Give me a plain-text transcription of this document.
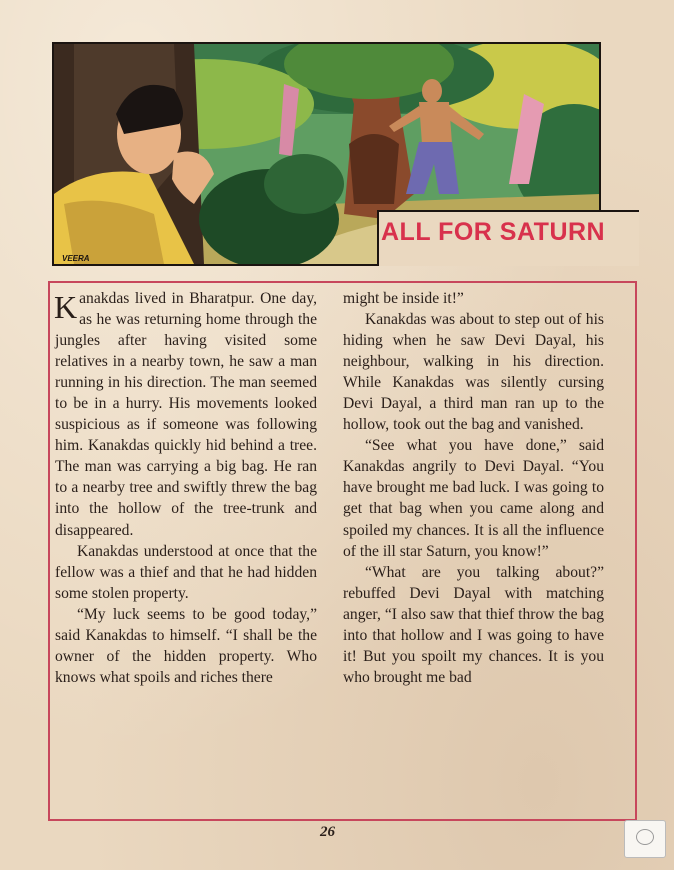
ALL FOR SATURN
VEERA

Kanakdas lived in Bharatpur. One day, as he was returning home through the jungles after having visited some relatives in a nearby town, he saw a man running in his direction. The man seemed to be in a hurry. His movements looked suspicious as if someone was following him. Kanakdas quickly hid behind a tree. The man was carrying a big bag. He ran to a nearby tree and swiftly threw the bag into the hollow of the tree-trunk and disappeared.

Kanakdas understood at once that the fellow was a thief and that he had hidden some stolen property.

“My luck seems to be good today,” said Kanakdas to himself. “I shall be the owner of the hidden property. Who knows what spoils and riches there

might be inside it!”

Kanakdas was about to step out of his hiding when he saw Devi Dayal, his neighbour, walking in his direction. While Kanakdas was silently cursing Devi Dayal, a third man ran up to the hollow, took out the bag and vanished.

“See what you have done,” said Kanakdas angrily to Devi Dayal. “You have brought me bad luck. I was going to get that bag when you came along and spoiled my chances. It is all the influence of the ill star Saturn, you know!”

“What are you talking about?” rebuffed Devi Dayal with matching anger, “I also saw that thief throw the bag into that hollow and I was going to have it! But you spoilt my chances. It is you who brought me bad

26
